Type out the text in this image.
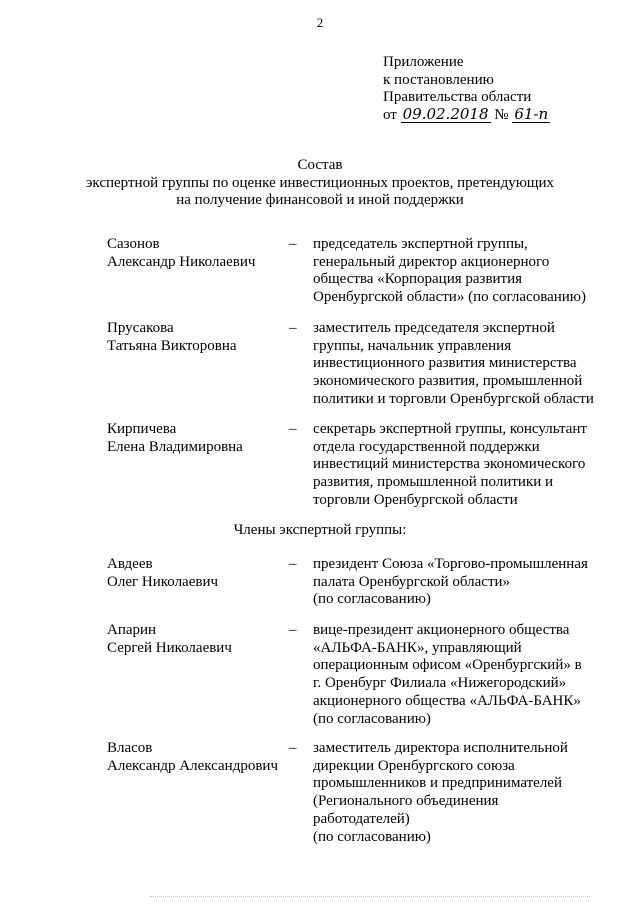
2
Приложение
к постановлению
Правительства области
от 09.02.2018 № 61-п
Состав
экспертной группы по оценке инвестиционных проектов, претендующих
на получение финансовой и иной поддержки
Сазонов
Александр Николаевич
– председатель экспертной группы,
генеральный директор акционерного
общества «Корпорация развития
Оренбургской области» (по согласованию)
Прусакова
Татьяна Викторовна
– заместитель председателя экспертной
группы, начальник управления
инвестиционного развития министерства
экономического развития, промышленной
политики и торговли Оренбургской области
Кирпичева
Елена Владимировна
– секретарь экспертной группы, консультант
отдела государственной поддержки
инвестиций министерства экономического
развития, промышленной политики и
торговли Оренбургской области
Члены экспертной группы:
Авдеев
Олег Николаевич
– президент Союза «Торгово-промышленная
палата Оренбургской области»
(по согласованию)
Апарин
Сергей Николаевич
– вице-президент акционерного общества
«АЛЬФА-БАНК», управляющий
операционным офисом «Оренбургский» в
г. Оренбург Филиала «Нижегородский»
акционерного общества «АЛЬФА-БАНК»
(по согласованию)
Власов
Александр Александрович
– заместитель директора исполнительной
дирекции Оренбургского союза
промышленников и предпринимателей
(Регионального объединения работодателей)
(по согласованию)
